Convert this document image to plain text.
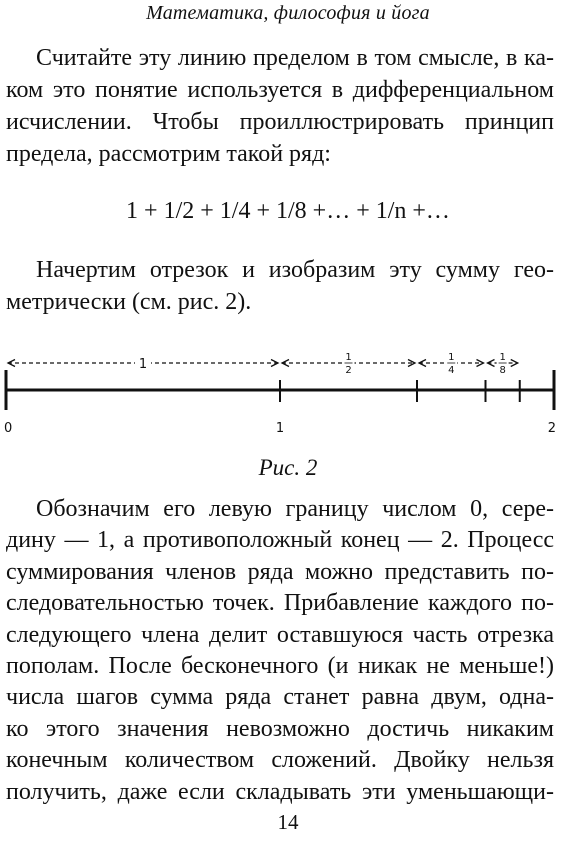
Математика, философия и йога
Считайте эту линию пределом в том смысле, в ка-
ком это понятие используется в дифференциальном
исчислении. Чтобы проиллюстрировать принцип
предела, рассмотрим такой ряд:
1 + 1/2 + 1/4 + 1/8 +… + 1/n +…
Начертим отрезок и изобразим эту сумму гео-
метрически (см. рис. 2).
0	1	2
1	1
2
1
4
1
8
Рис. 2
Обозначим его левую границу числом 0, сере-
дину — 1, а противоположный конец — 2. Процесс
суммирования членов ряда можно представить по-
следовательностью точек. Прибавление каждого по-
следующего члена делит оставшуюся часть отрезка
пополам. После бесконечного (и никак не меньше!)
числа шагов сумма ряда станет равна двум, одна-
ко этого значения невозможно достичь никаким
конечным количеством сложений. Двойку нельзя
получить, даже если складывать эти уменьшающи-
14
